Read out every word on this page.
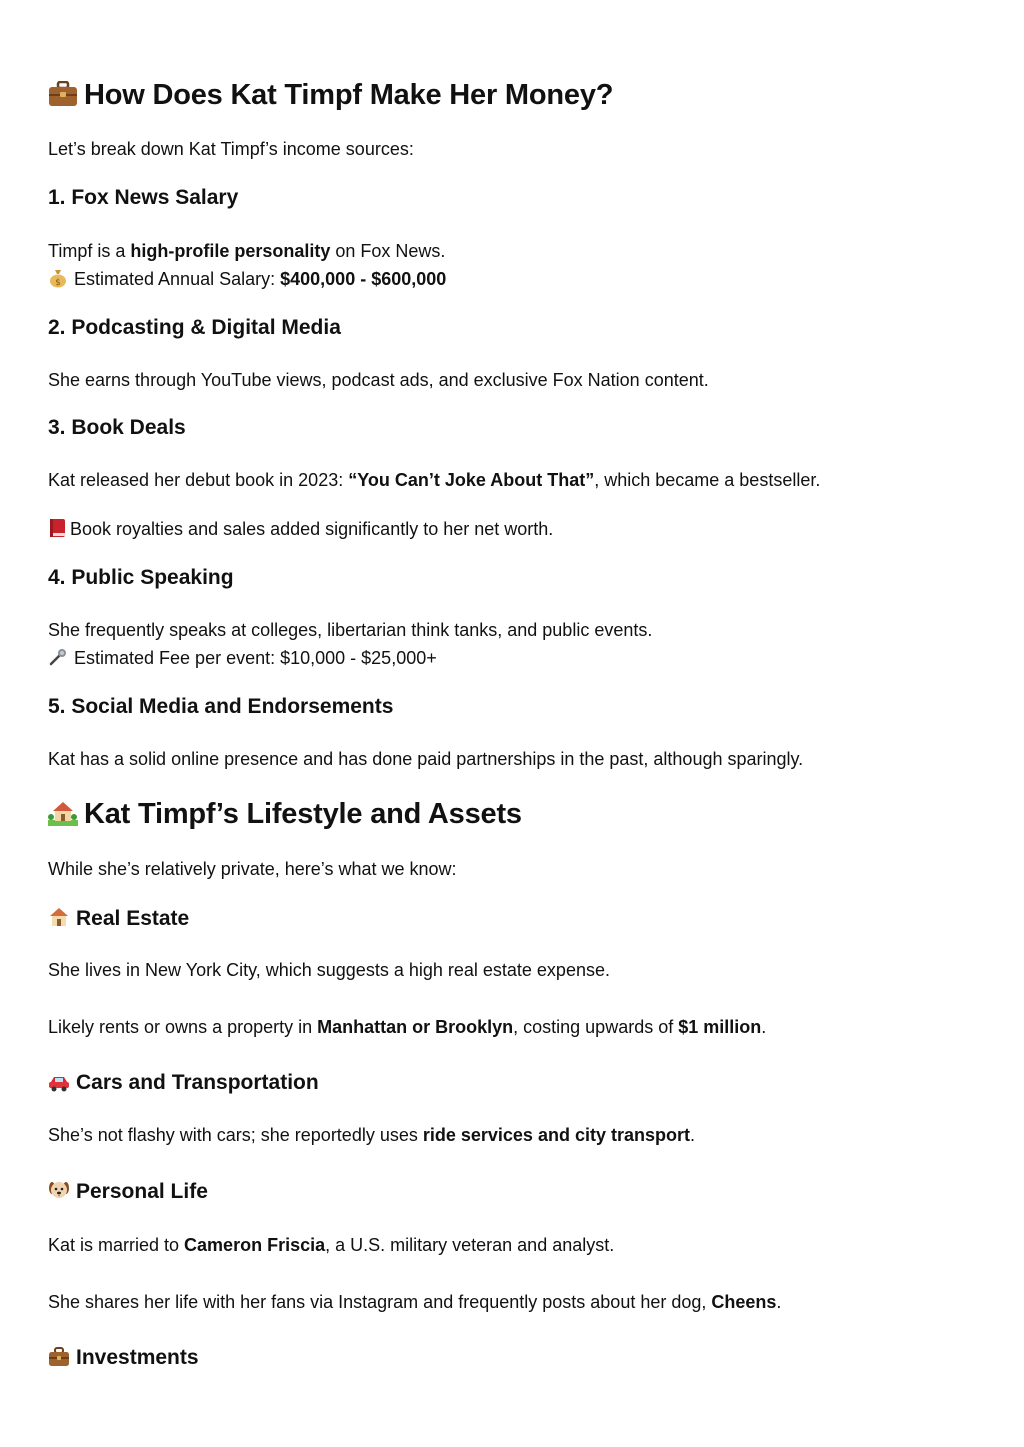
How Does Kat Timpf Make Her Money?
Let’s break down Kat Timpf’s income sources:
1. Fox News Salary
Timpf is a high-profile personality on Fox News.
$ Estimated Annual Salary: $400,000 - $600,000
2. Podcasting & Digital Media
She earns through YouTube views, podcast ads, and exclusive Fox Nation content.
3. Book Deals
Kat released her debut book in 2023: “You Can’t Joke About That”, which became a bestseller.
Book royalties and sales added significantly to her net worth.
4. Public Speaking
She frequently speaks at colleges, libertarian think tanks, and public events.
Estimated Fee per event: $10,000 - $25,000+
5. Social Media and Endorsements
Kat has a solid online presence and has done paid partnerships in the past, although sparingly.
Kat Timpf’s Lifestyle and Assets
While she’s relatively private, here’s what we know:
Real Estate
She lives in New York City, which suggests a high real estate expense.
Likely rents or owns a property in Manhattan or Brooklyn, costing upwards of $1 million.
Cars and Transportation
She’s not flashy with cars; she reportedly uses ride services and city transport.
Personal Life
Kat is married to Cameron Friscia, a U.S. military veteran and analyst.
She shares her life with her fans via Instagram and frequently posts about her dog, Cheens.
Investments
